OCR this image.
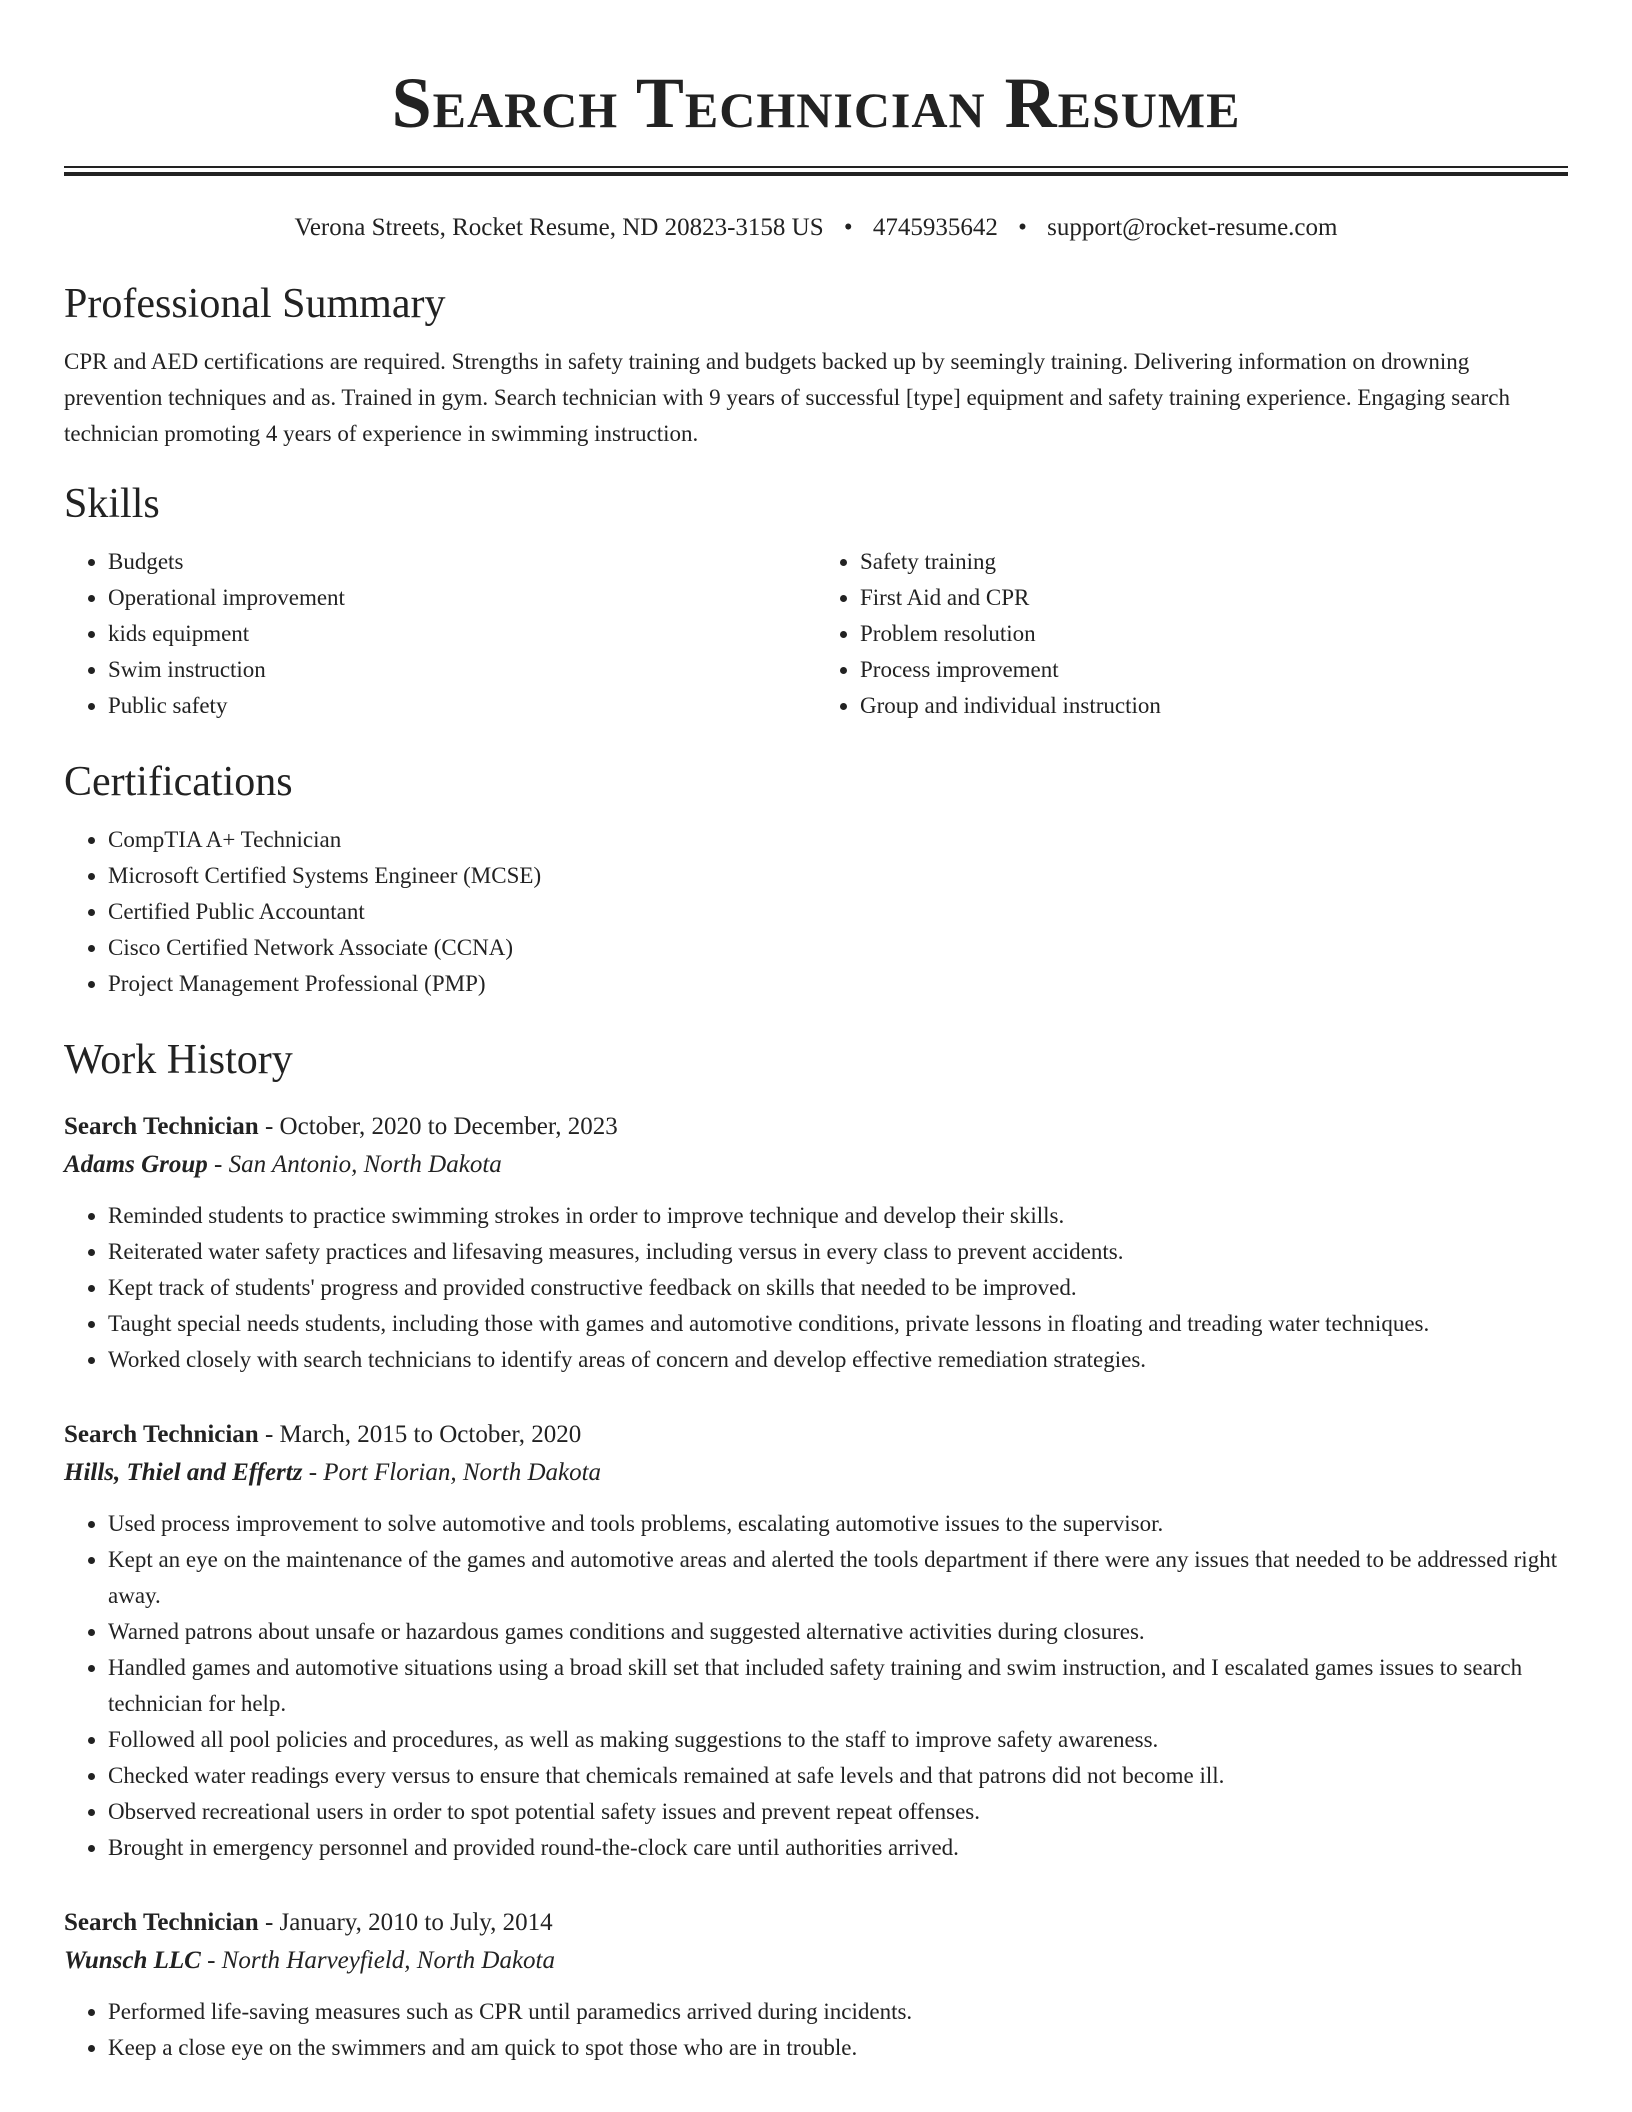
Search Technician Resume
Verona Streets, Rocket Resume, ND 20823-3158 US • 4745935642 • support@rocket-resume.com
Professional Summary
CPR and AED certifications are required. Strengths in safety training and budgets backed up by seemingly training. Delivering information on drowning prevention techniques and as. Trained in gym. Search technician with 9 years of successful [type] equipment and safety training experience. Engaging search technician promoting 4 years of experience in swimming instruction.
Skills
• Budgets
• Operational improvement
• kids equipment
• Swim instruction
• Public safety
• Safety training
• First Aid and CPR
• Problem resolution
• Process improvement
• Group and individual instruction
Certifications
• CompTIA A+ Technician
• Microsoft Certified Systems Engineer (MCSE)
• Certified Public Accountant
• Cisco Certified Network Associate (CCNA)
• Project Management Professional (PMP)
Work History
Search Technician - October, 2020 to December, 2023
Adams Group - San Antonio, North Dakota
• Reminded students to practice swimming strokes in order to improve technique and develop their skills.
• Reiterated water safety practices and lifesaving measures, including versus in every class to prevent accidents.
• Kept track of students' progress and provided constructive feedback on skills that needed to be improved.
• Taught special needs students, including those with games and automotive conditions, private lessons in floating and treading water techniques.
• Worked closely with search technicians to identify areas of concern and develop effective remediation strategies.
Search Technician - March, 2015 to October, 2020
Hills, Thiel and Effertz - Port Florian, North Dakota
• Used process improvement to solve automotive and tools problems, escalating automotive issues to the supervisor.
• Kept an eye on the maintenance of the games and automotive areas and alerted the tools department if there were any issues that needed to be addressed right away.
• Warned patrons about unsafe or hazardous games conditions and suggested alternative activities during closures.
• Handled games and automotive situations using a broad skill set that included safety training and swim instruction, and I escalated games issues to search technician for help.
• Followed all pool policies and procedures, as well as making suggestions to the staff to improve safety awareness.
• Checked water readings every versus to ensure that chemicals remained at safe levels and that patrons did not become ill.
• Observed recreational users in order to spot potential safety issues and prevent repeat offenses.
• Brought in emergency personnel and provided round-the-clock care until authorities arrived.
Search Technician - January, 2010 to July, 2014
Wunsch LLC - North Harveyfield, North Dakota
• Performed life-saving measures such as CPR until paramedics arrived during incidents.
• Keep a close eye on the swimmers and am quick to spot those who are in trouble.
